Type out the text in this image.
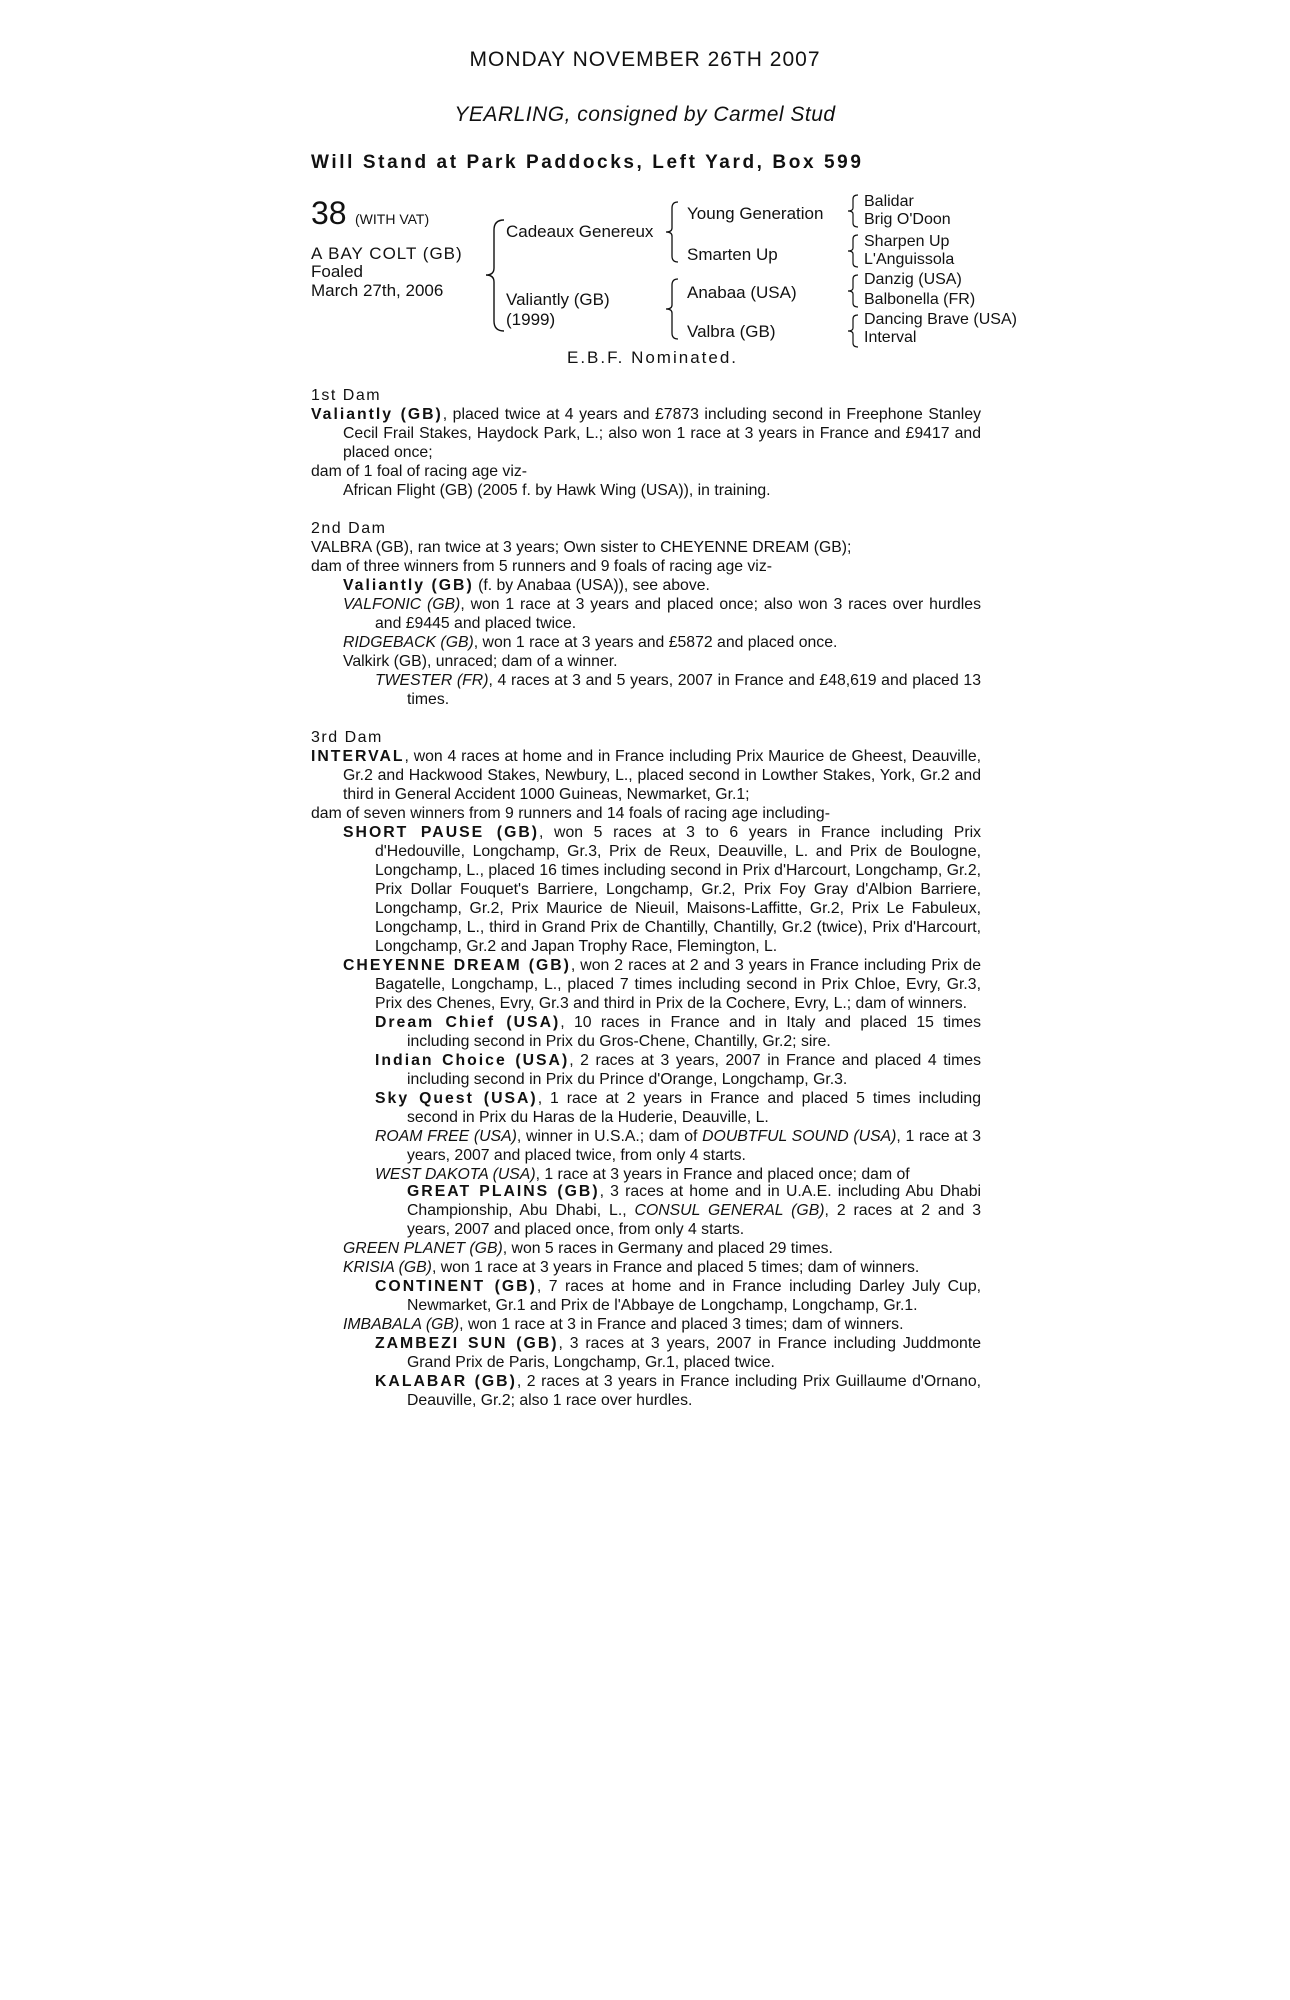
MONDAY NOVEMBER 26TH 2007
YEARLING, consigned by Carmel Stud
Will Stand at Park Paddocks, Left Yard, Box 599
38 (WITH VAT)
A BAY COLT (GB)
Foaled
March 27th, 2006
Cadeaux Genereux
Valiantly (GB)
(1999)
Young Generation
Smarten Up
Anabaa (USA)
Valbra (GB)
Balidar
Brig O'Doon
Sharpen Up
L'Anguissola
Danzig (USA)
Balbonella (FR)
Dancing Brave (USA)
Interval
E.B.F. Nominated.

1st Dam

Valiantly (GB), placed twice at 4 years and £7873 including second in Freephone Stanley Cecil Frail Stakes, Haydock Park, L.; also won 1 race at 3 years in France and £9417 and placed once;

dam of 1 foal of racing age viz-

African Flight (GB) (2005 f. by Hawk Wing (USA)), in training.

2nd Dam

VALBRA (GB), ran twice at 3 years; Own sister to CHEYENNE DREAM (GB);

dam of three winners from 5 runners and 9 foals of racing age viz-

Valiantly (GB) (f. by Anabaa (USA)), see above.

VALFONIC (GB), won 1 race at 3 years and placed once; also won 3 races over hurdles and £9445 and placed twice.

RIDGEBACK (GB), won 1 race at 3 years and £5872 and placed once.

Valkirk (GB), unraced; dam of a winner.

TWESTER (FR), 4 races at 3 and 5 years, 2007 in France and £48,619 and placed 13 times.

3rd Dam

INTERVAL, won 4 races at home and in France including Prix Maurice de Gheest, Deauville, Gr.2 and Hackwood Stakes, Newbury, L., placed second in Lowther Stakes, York, Gr.2 and third in General Accident 1000 Guineas, Newmarket, Gr.1;

dam of seven winners from 9 runners and 14 foals of racing age including-

SHORT PAUSE (GB), won 5 races at 3 to 6 years in France including Prix d'Hedouville, Longchamp, Gr.3, Prix de Reux, Deauville, L. and Prix de Boulogne, Longchamp, L., placed 16 times including second in Prix d'Harcourt, Longchamp, Gr.2, Prix Dollar Fouquet's Barriere, Longchamp, Gr.2, Prix Foy Gray d'Albion Barriere, Longchamp, Gr.2, Prix Maurice de Nieuil, Maisons-Laffitte, Gr.2, Prix Le Fabuleux, Longchamp, L., third in Grand Prix de Chantilly, Chantilly, Gr.2 (twice), Prix d'Harcourt, Longchamp, Gr.2 and Japan Trophy Race, Flemington, L.

CHEYENNE DREAM (GB), won 2 races at 2 and 3 years in France including Prix de Bagatelle, Longchamp, L., placed 7 times including second in Prix Chloe, Evry, Gr.3, Prix des Chenes, Evry, Gr.3 and third in Prix de la Cochere, Evry, L.; dam of winners.

Dream Chief (USA), 10 races in France and in Italy and placed 15 times including second in Prix du Gros-Chene, Chantilly, Gr.2; sire.

Indian Choice (USA), 2 races at 3 years, 2007 in France and placed 4 times including second in Prix du Prince d'Orange, Longchamp, Gr.3.

Sky Quest (USA), 1 race at 2 years in France and placed 5 times including second in Prix du Haras de la Huderie, Deauville, L.

ROAM FREE (USA), winner in U.S.A.; dam of DOUBTFUL SOUND (USA), 1 race at 3 years, 2007 and placed twice, from only 4 starts.

WEST DAKOTA (USA), 1 race at 3 years in France and placed once; dam of

GREAT PLAINS (GB), 3 races at home and in U.A.E. including Abu Dhabi Championship, Abu Dhabi, L., CONSUL GENERAL (GB), 2 races at 2 and 3 years, 2007 and placed once, from only 4 starts.

GREEN PLANET (GB), won 5 races in Germany and placed 29 times.

KRISIA (GB), won 1 race at 3 years in France and placed 5 times; dam of winners.

CONTINENT (GB), 7 races at home and in France including Darley July Cup, Newmarket, Gr.1 and Prix de l'Abbaye de Longchamp, Longchamp, Gr.1.

IMBABALA (GB), won 1 race at 3 in France and placed 3 times; dam of winners.

ZAMBEZI SUN (GB), 3 races at 3 years, 2007 in France including Juddmonte Grand Prix de Paris, Longchamp, Gr.1, placed twice.

KALABAR (GB), 2 races at 3 years in France including Prix Guillaume d'Ornano, Deauville, Gr.2; also 1 race over hurdles.
